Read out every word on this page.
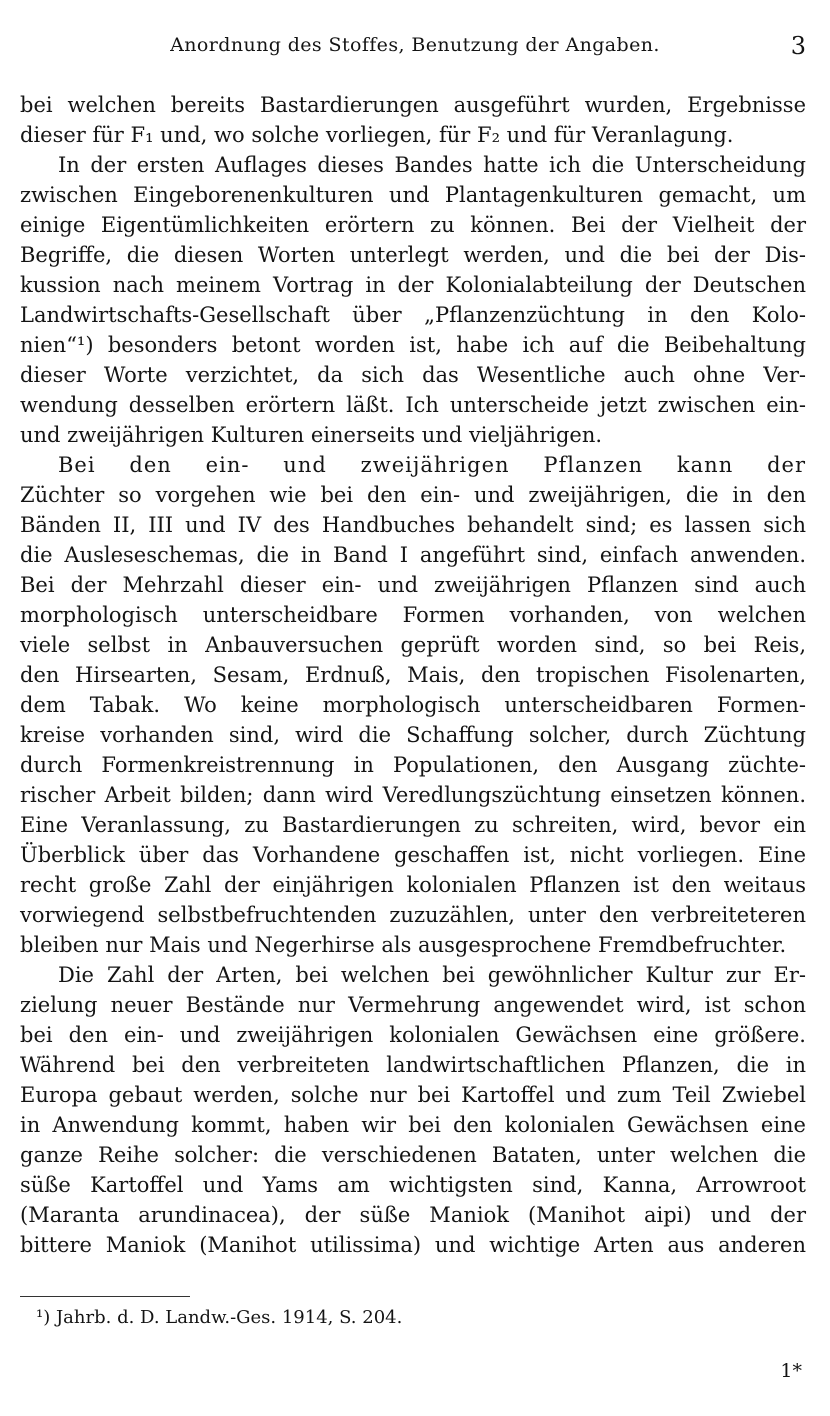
Anordnung des Stoffes, Benutzung der Angaben.	3
bei welchen bereits Bastardierungen ausgeführt wurden, Ergebnisse
dieser für F₁ und, wo solche vorliegen, für F₂ und für Veranlagung.
In der ersten Auflages dieses Bandes hatte ich die Unterscheidung
zwischen Eingeborenenkulturen und Plantagenkulturen gemacht, um
einige Eigentümlichkeiten erörtern zu können. Bei der Vielheit der
Begriffe, die diesen Worten unterlegt werden, und die bei der Dis-
kussion nach meinem Vortrag in der Kolonialabteilung der Deutschen
Landwirtschafts-Gesellschaft über „Pflanzenzüchtung in den Kolo-
nien“¹) besonders betont worden ist, habe ich auf die Beibehaltung
dieser Worte verzichtet, da sich das Wesentliche auch ohne Ver-
wendung desselben erörtern läßt. Ich unterscheide jetzt zwischen ein-
und zweijährigen Kulturen einerseits und vieljährigen.
Bei den ein- und zweijährigen Pflanzen kann der
Züchter so vorgehen wie bei den ein- und zweijährigen, die in den
Bänden II, III und IV des Handbuches behandelt sind; es lassen sich
die Ausleseschemas, die in Band I angeführt sind, einfach anwenden.
Bei der Mehrzahl dieser ein- und zweijährigen Pflanzen sind auch
morphologisch unterscheidbare Formen vorhanden, von welchen
viele selbst in Anbauversuchen geprüft worden sind, so bei Reis,
den Hirsearten, Sesam, Erdnuß, Mais, den tropischen Fisolenarten,
dem Tabak. Wo keine morphologisch unterscheidbaren Formen-
kreise vorhanden sind, wird die Schaffung solcher, durch Züchtung
durch Formenkreistrennung in Populationen, den Ausgang züchte-
rischer Arbeit bilden; dann wird Veredlungszüchtung einsetzen können.
Eine Veranlassung, zu Bastardierungen zu schreiten, wird, bevor ein
Überblick über das Vorhandene geschaffen ist, nicht vorliegen. Eine
recht große Zahl der einjährigen kolonialen Pflanzen ist den weitaus
vorwiegend selbstbefruchtenden zuzuzählen, unter den verbreiteteren
bleiben nur Mais und Negerhirse als ausgesprochene Fremdbefruchter.
Die Zahl der Arten, bei welchen bei gewöhnlicher Kultur zur Er-
zielung neuer Bestände nur Vermehrung angewendet wird, ist schon
bei den ein- und zweijährigen kolonialen Gewächsen eine größere.
Während bei den verbreiteten landwirtschaftlichen Pflanzen, die in
Europa gebaut werden, solche nur bei Kartoffel und zum Teil Zwiebel
in Anwendung kommt, haben wir bei den kolonialen Gewächsen eine
ganze Reihe solcher: die verschiedenen Bataten, unter welchen die
süße Kartoffel und Yams am wichtigsten sind, Kanna, Arrowroot
(Maranta arundinacea), der süße Maniok (Manihot aipi) und der
bittere Maniok (Manihot utilissima) und wichtige Arten aus anderen
¹) Jahrb. d. D. Landw.-Ges. 1914, S. 204.
1*
